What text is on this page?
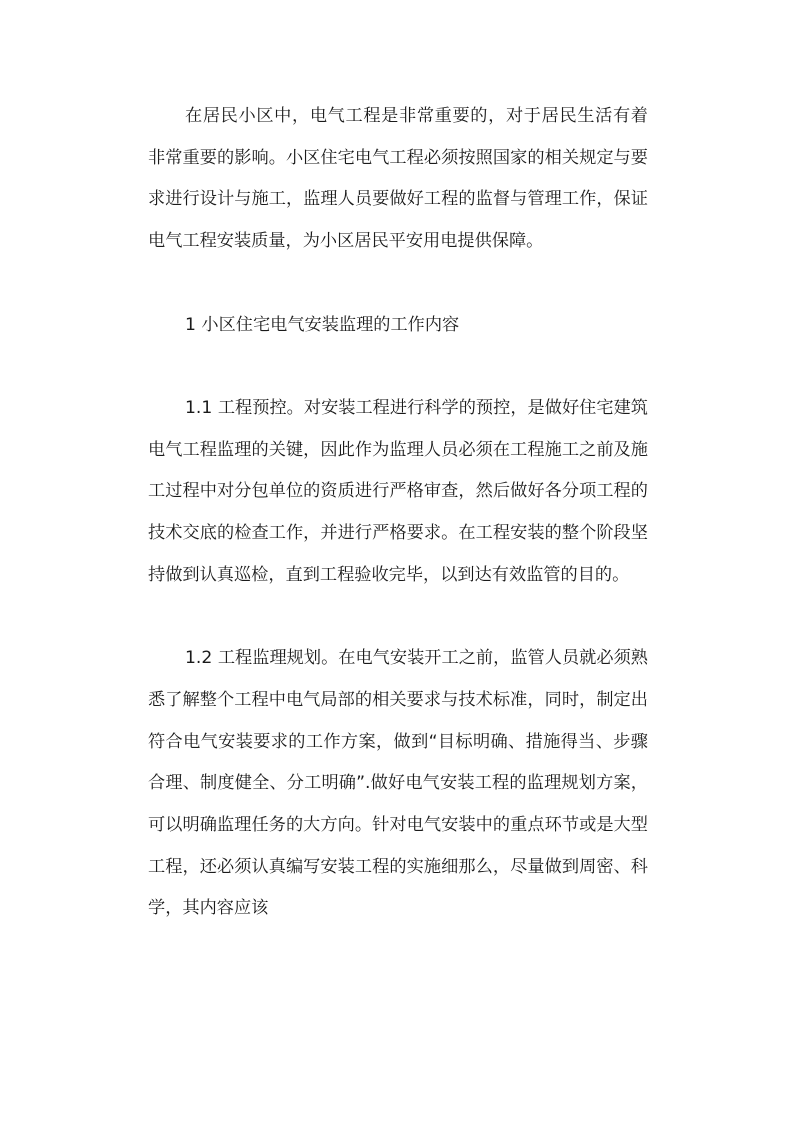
在居民小区中，电气工程是非常重要的，对于居民生活有着非常重要的影响。小区住宅电气工程必须按照国家的相关规定与要求进行设计与施工，监理人员要做好工程的监督与管理工作，保证电气工程安装质量，为小区居民平安用电提供保障。

1 小区住宅电气安装监理的工作内容

1.1 工程预控。对安装工程进行科学的预控，是做好住宅建筑电气工程监理的关键，因此作为监理人员必须在工程施工之前及施工过程中对分包单位的资质进行严格审查，然后做好各分项工程的技术交底的检查工作，并进行严格要求。在工程安装的整个阶段坚持做到认真巡检，直到工程验收完毕，以到达有效监管的目的。

1.2 工程监理规划。在电气安装开工之前，监管人员就必须熟悉了解整个工程中电气局部的相关要求与技术标准，同时，制定出符合电气安装要求的工作方案，做到“目标明确、措施得当、步骤合理、制度健全、分工明确”.做好电气安装工程的监理规划方案，可以明确监理任务的大方向。针对电气安装中的重点环节或是大型工程，还必须认真编写安装工程的实施细那么，尽量做到周密、科学，其内容应该
